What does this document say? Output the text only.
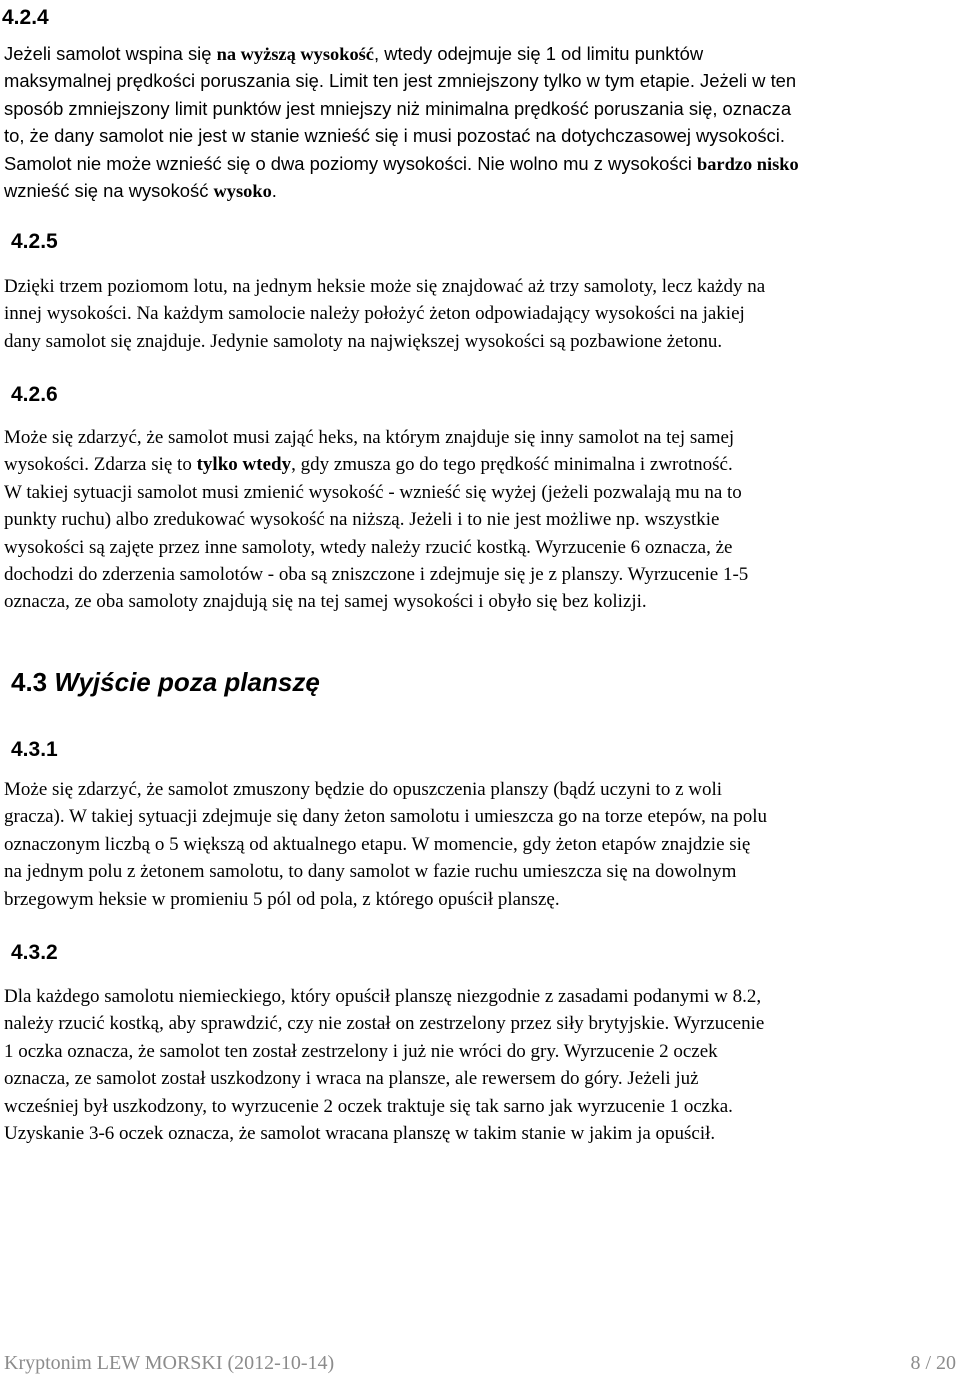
4.2.4

Jeżeli samolot wspina się na wyższą wysokość, wtedy odejmuje się 1 od limitu punktów
maksymalnej prędkości poruszania się. Limit ten jest zmniejszony tylko w tym etapie. Jeżeli w ten
sposób zmniejszony limit punktów jest mniejszy niż minimalna prędkość poruszania się, oznacza
to, że dany samolot nie jest w stanie wznieść się i musi pozostać na dotychczasowej wysokości.
Samolot nie może wznieść się o dwa poziomy wysokości. Nie wolno mu z wysokości bardzo nisko
wznieść się na wysokość wysoko.

4.2.5

Dzięki trzem poziomom lotu, na jednym heksie może się znajdować aż trzy samoloty, lecz każdy na
innej wysokości. Na każdym samolocie należy położyć żeton odpowiadający wysokości na jakiej
dany samolot się znajduje. Jedynie samoloty na największej wysokości są pozbawione żetonu.

4.2.6

Może się zdarzyć, że samolot musi zająć heks, na którym znajduje się inny samolot na tej samej
wysokości. Zdarza się to tylko wtedy, gdy zmusza go do tego prędkość minimalna i zwrotność.
W takiej sytuacji samolot musi zmienić wysokość - wznieść się wyżej (jeżeli pozwalają mu na to
punkty ruchu) albo zredukować wysokość na niższą. Jeżeli i to nie jest możliwe np. wszystkie
wysokości są zajęte przez inne samoloty, wtedy należy rzucić kostką. Wyrzucenie 6 oznacza, że
dochodzi do zderzenia samolotów - oba są zniszczone i zdejmuje się je z planszy. Wyrzucenie 1-5
oznacza, ze oba samoloty znajdują się na tej samej wysokości i obyło się bez kolizji.

4.3 Wyjście poza planszę
4.3.1

Może się zdarzyć, że samolot zmuszony będzie do opuszczenia planszy (bądź uczyni to z woli
gracza). W takiej sytuacji zdejmuje się dany żeton samolotu i umieszcza go na torze etepów, na polu
oznaczonym liczbą o 5 większą od aktualnego etapu. W momencie, gdy żeton etapów znajdzie się
na jednym polu z żetonem samolotu, to dany samolot w fazie ruchu umieszcza się na dowolnym
brzegowym heksie w promieniu 5 pól od pola, z którego opuścił planszę.

4.3.2

Dla każdego samolotu niemieckiego, który opuścił planszę niezgodnie z zasadami podanymi w 8.2,
należy rzucić kostką, aby sprawdzić, czy nie został on zestrzelony przez siły brytyjskie. Wyrzucenie
1 oczka oznacza, że samolot ten został zestrzelony i już nie wróci do gry. Wyrzucenie 2 oczek
oznacza, ze samolot został uszkodzony i wraca na plansze, ale rewersem do góry. Jeżeli już
wcześniej był uszkodzony, to wyrzucenie 2 oczek traktuje się tak sarno jak wyrzucenie 1 oczka.
Uzyskanie 3-6 oczek oznacza, że samolot wracana planszę w takim stanie w jakim ja opuścił.

Kryptonim LEW MORSKI (2012-10-14)	8 / 20
